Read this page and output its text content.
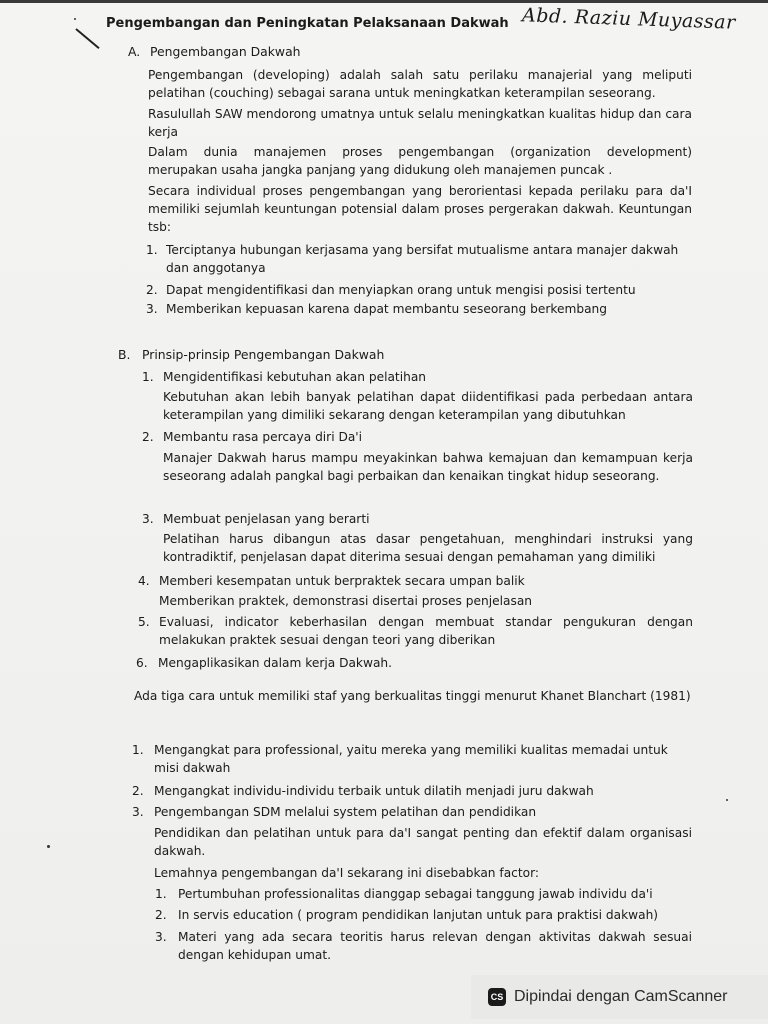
Pengembangan dan Peningkatan Pelaksanaan Dakwah Abd. Raziu Muyassar
A. Pengembangan Dakwah
Pengembangan (developing) adalah salah satu perilaku manajerial yang meliputi pelatihan (couching) sebagai sarana untuk meningkatkan keterampilan seseorang.
Rasulullah SAW mendorong umatnya untuk selalu meningkatkan kualitas hidup dan cara kerja
Dalam dunia manajemen proses pengembangan (organization development) merupakan usaha jangka panjang yang didukung oleh manajemen puncak .
Secara individual proses pengembangan yang berorientasi kepada perilaku para da'I memiliki sejumlah keuntungan potensial dalam proses pergerakan dakwah. Keuntungan tsb:
1. Terciptanya hubungan kerjasama yang bersifat mutualisme antara manajer dakwah dan anggotanya
2. Dapat mengidentifikasi dan menyiapkan orang untuk mengisi posisi tertentu
3. Memberikan kepuasan karena dapat membantu seseorang berkembang
B. Prinsip-prinsip Pengembangan Dakwah
1. Mengidentifikasi kebutuhan akan pelatihan
Kebutuhan akan lebih banyak pelatihan dapat diidentifikasi pada perbedaan antara keterampilan yang dimiliki sekarang dengan keterampilan yang dibutuhkan
2. Membantu rasa percaya diri Da'i
Manajer Dakwah harus mampu meyakinkan bahwa kemajuan dan kemampuan kerja seseorang adalah pangkal bagi perbaikan dan kenaikan tingkat hidup seseorang.
3. Membuat penjelasan yang berarti
Pelatihan harus dibangun atas dasar pengetahuan, menghindari instruksi yang kontradiktif, penjelasan dapat diterima sesuai dengan pemahaman yang dimiliki
4. Memberi kesempatan untuk berpraktek secara umpan balik
Memberikan praktek, demonstrasi disertai proses penjelasan
5. Evaluasi, indicator keberhasilan dengan membuat standar pengukuran dengan melakukan praktek sesuai dengan teori yang diberikan
6. Mengaplikasikan dalam kerja Dakwah.
Ada tiga cara untuk memiliki staf yang berkualitas tinggi menurut Khanet Blanchart (1981)
1. Mengangkat para professional, yaitu mereka yang memiliki kualitas memadai untuk misi dakwah
2. Mengangkat individu-individu terbaik untuk dilatih menjadi juru dakwah
3. Pengembangan SDM melalui system pelatihan dan pendidikan
Pendidikan dan pelatihan untuk para da'I sangat penting dan efektif dalam organisasi dakwah.
Lemahnya pengembangan da'I sekarang ini disebabkan factor:
1. Pertumbuhan professionalitas dianggap sebagai tanggung jawab individu da'i
2. In servis education ( program pendidikan lanjutan untuk para praktisi dakwah)
3. Materi yang ada secara teoritis harus relevan dengan aktivitas dakwah sesuai dengan kehidupan umat.
CS Dipindai dengan CamScanner
